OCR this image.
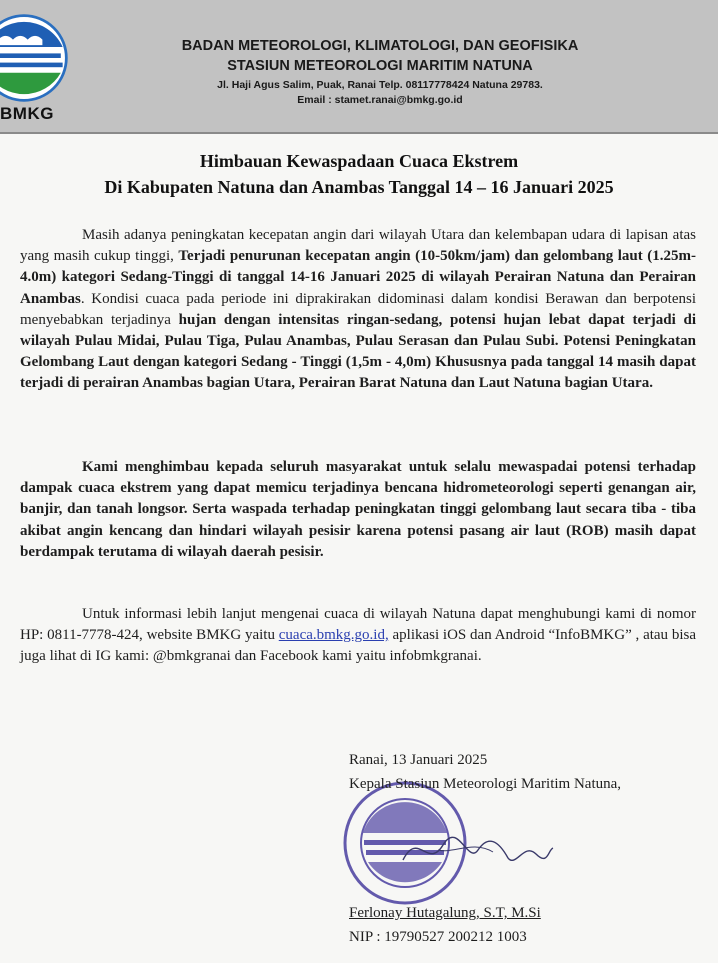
BMKG
BADAN METEOROLOGI, KLIMATOLOGI, DAN GEOFISIKA
STASIUN METEOROLOGI MARITIM NATUNA
Jl. Haji Agus Salim, Puak, Ranai Telp. 08117778424 Natuna 29783.
Email : stamet.ranai@bmkg.go.id
Himbauan Kewaspadaan Cuaca Ekstrem
Di Kabupaten Natuna dan Anambas Tanggal 14 – 16 Januari 2025
Masih adanya peningkatan kecepatan angin dari wilayah Utara dan kelembapan udara di lapisan atas yang masih cukup tinggi, Terjadi penurunan kecepatan angin (10-50km/jam) dan gelombang laut (1.25m-4.0m) kategori Sedang-Tinggi di tanggal 14-16 Januari 2025 di wilayah Perairan Natuna dan Perairan Anambas. Kondisi cuaca pada periode ini diprakirakan didominasi dalam kondisi Berawan dan berpotensi menyebabkan terjadinya hujan dengan intensitas ringan-sedang, potensi hujan lebat dapat terjadi di wilayah Pulau Midai, Pulau Tiga, Pulau Anambas, Pulau Serasan dan Pulau Subi. Potensi Peningkatan Gelombang Laut dengan kategori Sedang - Tinggi (1,5m - 4,0m) Khususnya pada tanggal 14 masih dapat terjadi di perairan Anambas bagian Utara, Perairan Barat Natuna dan Laut Natuna bagian Utara.
Kami menghimbau kepada seluruh masyarakat untuk selalu mewaspadai potensi terhadap dampak cuaca ekstrem yang dapat memicu terjadinya bencana hidrometeorologi seperti genangan air, banjir, dan tanah longsor. Serta waspada terhadap peningkatan tinggi gelombang laut secara tiba - tiba akibat angin kencang dan hindari wilayah pesisir karena potensi pasang air laut (ROB) masih dapat berdampak terutama di wilayah daerah pesisir.
Untuk informasi lebih lanjut mengenai cuaca di wilayah Natuna dapat menghubungi kami di nomor HP: 0811-7778-424, website BMKG yaitu cuaca.bmkg.go.id, aplikasi iOS dan Android “InfoBMKG” , atau bisa juga lihat di IG kami: @bmkgranai dan Facebook kami yaitu infobmkgranai.
Ranai, 13 Januari 2025
Kepala Stasiun Meteorologi Maritim Natuna,
Ferlonay Hutagalung, S.T, M.Si
NIP : 19790527 200212 1003
